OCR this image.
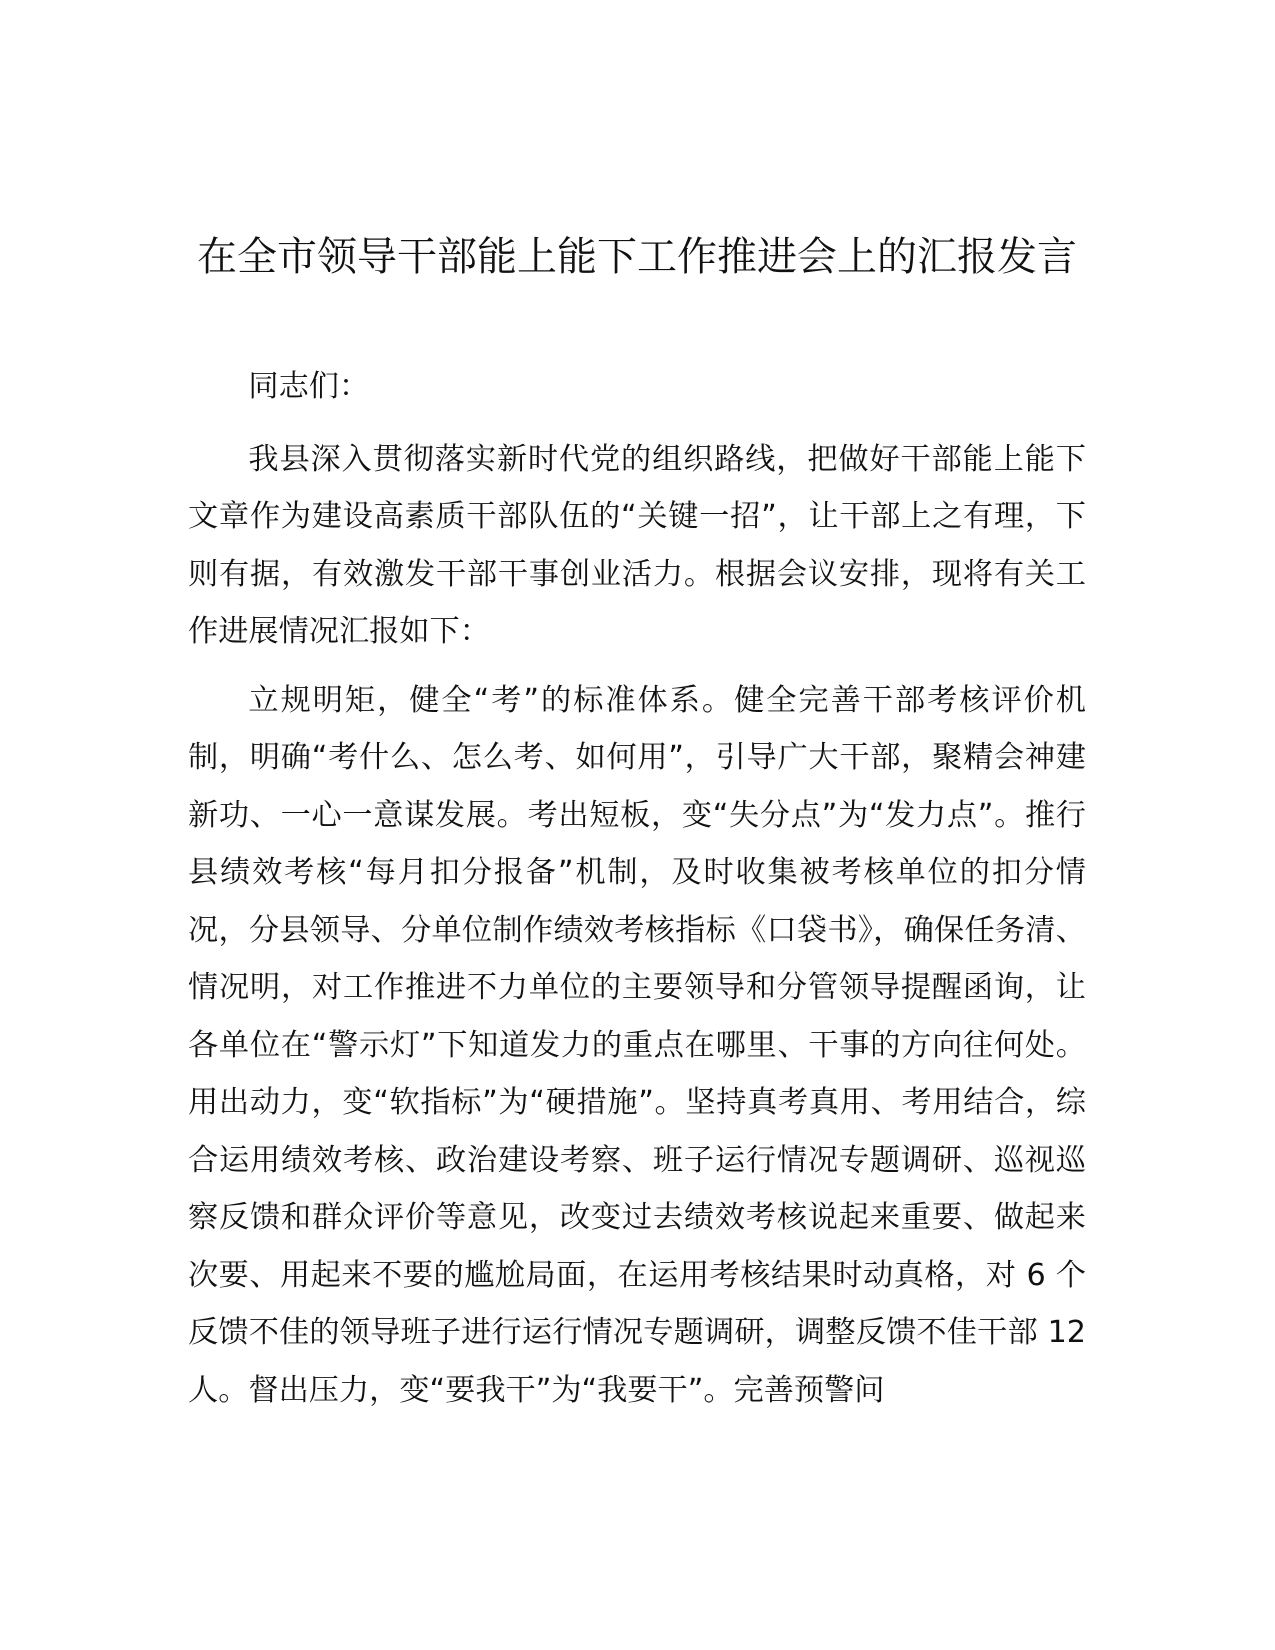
在全市领导干部能上能下工作推进会上的汇报发言

同志们：

我县深入贯彻落实新时代党的组织路线，把做好干部能上能下文章作为建设高素质干部队伍的“关键一招”，让干部上之有理，下则有据，有效激发干部干事创业活力。根据会议安排，现将有关工作进展情况汇报如下：

立规明矩，健全“考”的标准体系。健全完善干部考核评价机制，明确“考什么、怎么考、如何用”，引导广大干部，聚精会神建新功、一心一意谋发展。考出短板，变“失分点”为“发力点”。推行县绩效考核“每月扣分报备”机制，及时收集被考核单位的扣分情况，分县领导、分单位制作绩效考核指标《口袋书》，确保任务清、情况明，对工作推进不力单位的主要领导和分管领导提醒函询，让各单位在“警示灯”下知道发力的重点在哪里、干事的方向往何处。用出动力，变“软指标”为“硬措施”。坚持真考真用、考用结合，综合运用绩效考核、政治建设考察、班子运行情况专题调研、巡视巡察反馈和群众评价等意见，改变过去绩效考核说起来重要、做起来次要、用起来不要的尴尬局面，在运用考核结果时动真格，对 6 个反馈不佳的领导班子进行运行情况专题调研，调整反馈不佳干部 12 人。督出压力，变“要我干”为“我要干”。完善预警问
